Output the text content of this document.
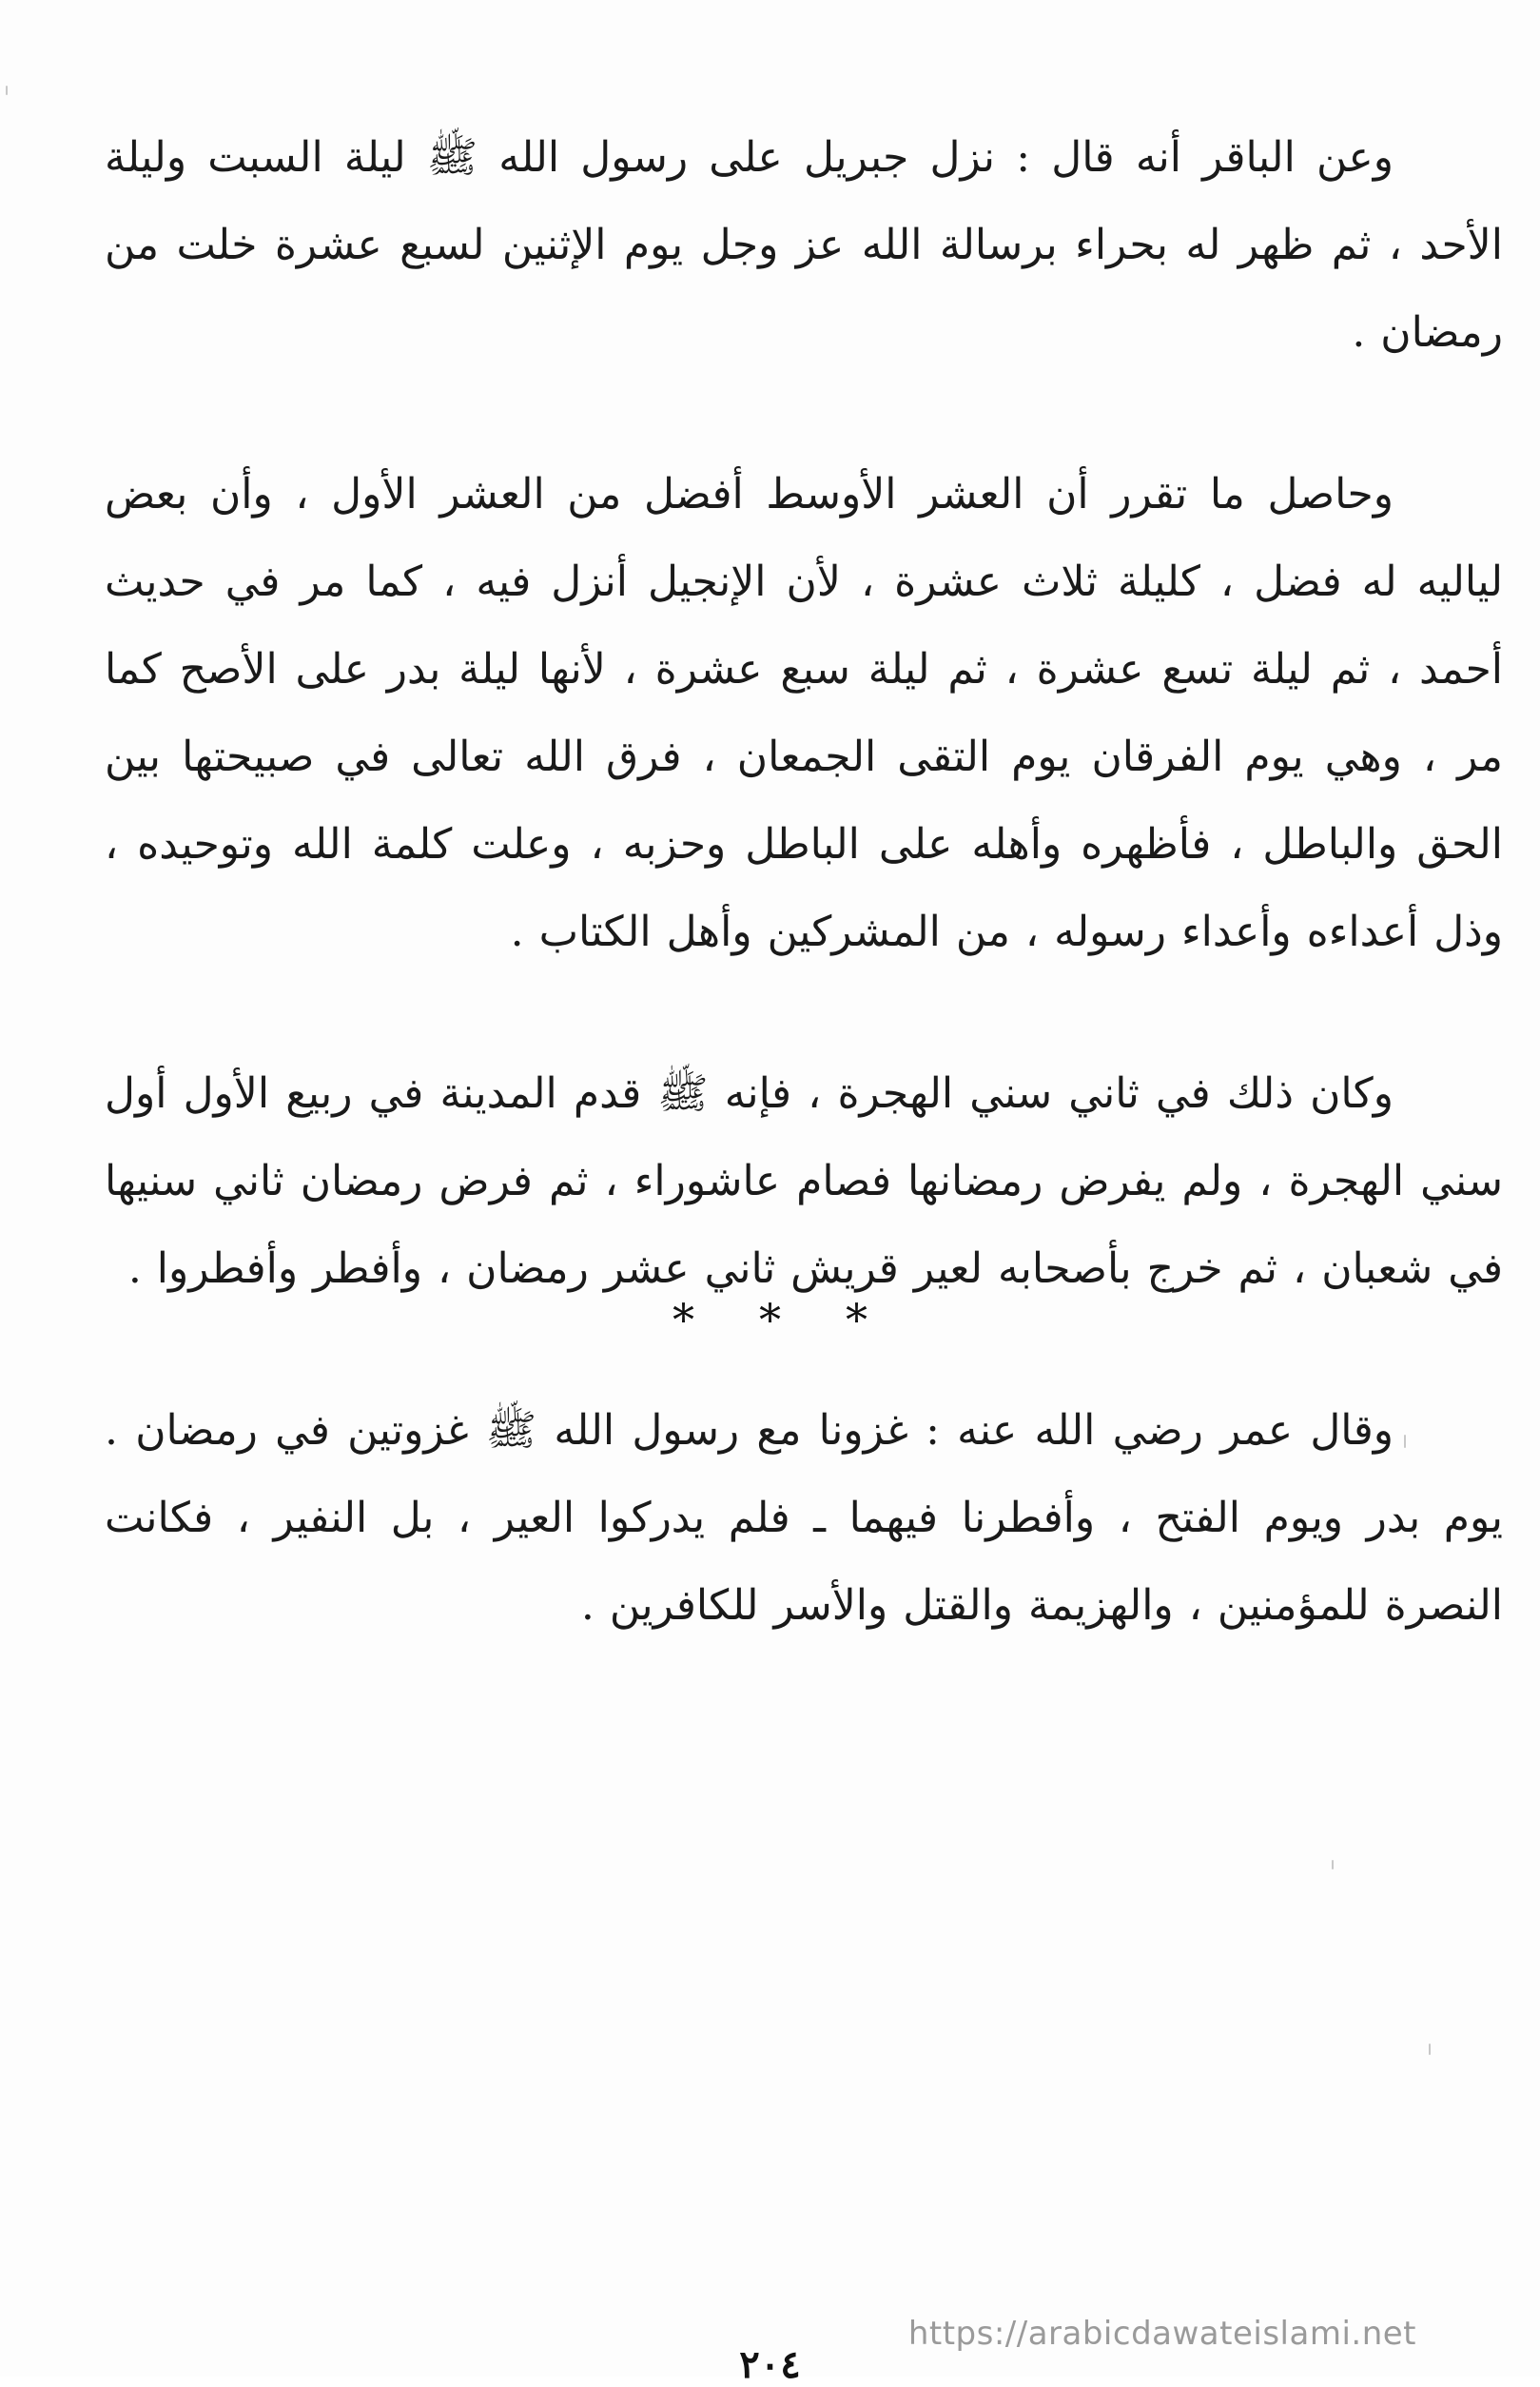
وعن الباقر أنه قال : نزل جبريل على رسول الله ﷺ ليلة السبت وليلة الأحد ، ثم ظهر له بحراء برسالة الله عز وجل يوم الإثنين لسبع عشرة خلت من رمضان .

وحاصل ما تقرر أن العشر الأوسط أفضل من العشر الأول ، وأن بعض لياليه له فضل ، كليلة ثلاث عشرة ، لأن الإنجيل أنزل فيه ، كما مر في حديث أحمد ، ثم ليلة تسع عشرة ، ثم ليلة سبع عشرة ، لأنها ليلة بدر على الأصح كما مر ، وهي يوم الفرقان يوم التقى الجمعان ، فرق الله تعالى في صبيحتها بين الحق والباطل ، فأظهره وأهله على الباطل وحزبه ، وعلت كلمة الله وتوحيده ، وذل أعداءه وأعداء رسوله ، من المشركين وأهل الكتاب .

وكان ذلك في ثاني سني الهجرة ، فإنه ﷺ قدم المدينة في ربيع الأول أول سني الهجرة ، ولم يفرض رمضانها فصام عاشوراء ، ثم فرض رمضان ثاني سنيها في شعبان ، ثم خرج بأصحابه لعير قريش ثاني عشر رمضان ، وأفطر وأفطروا .

وقال عمر رضي الله عنه : غزونا مع رسول الله ﷺ غزوتين في رمضان . يوم بدر ويوم الفتح ، وأفطرنا فيهما ـ فلم يدركوا العير ، بل النفير ، فكانت النصرة للمؤمنين ، والهزيمة والقتل والأسر للكافرين .

***
https://arabicdawateislami.net
٢٠٤
